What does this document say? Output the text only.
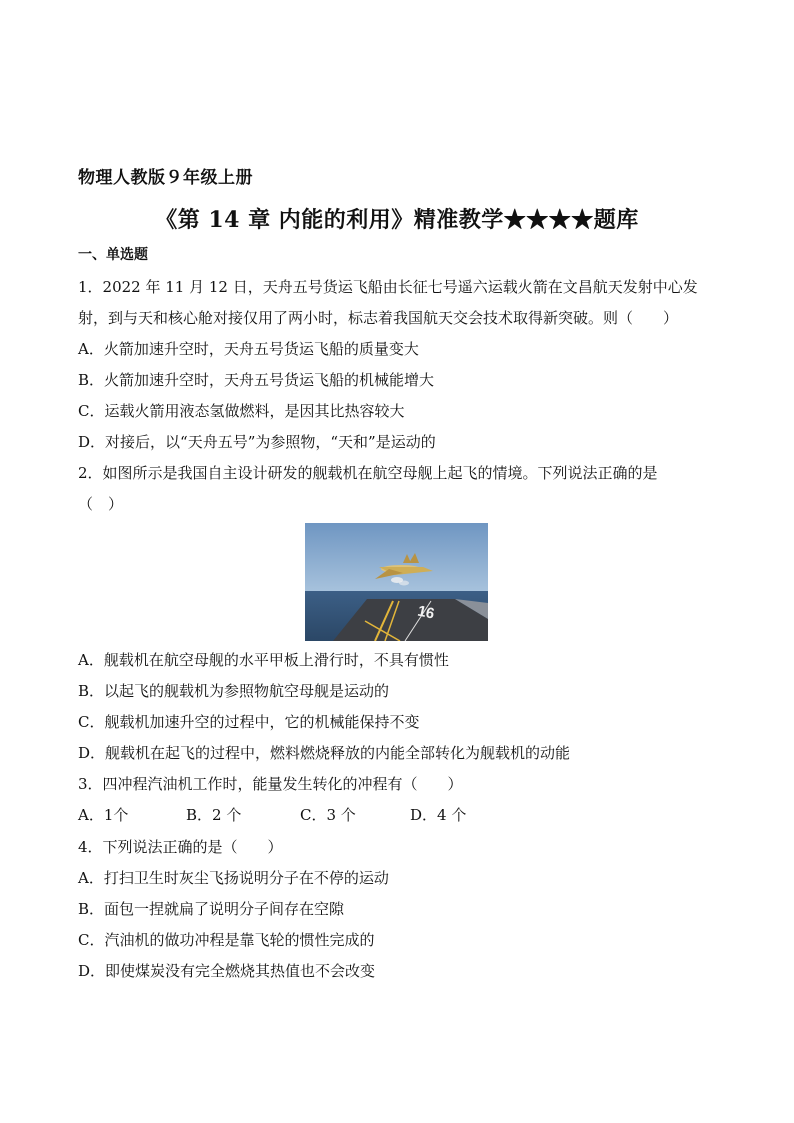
物理人教版９年级上册
《第 14 章 内能的利用》精准教学★★★★题库
一、单选题
1．2022 年 11 月 12 日，天舟五号货运飞船由长征七号遥六运载火箭在文昌航天发射中心发
射，到与天和核心舱对接仅用了两小时，标志着我国航天交会技术取得新突破。则（　　）
A．火箭加速升空时，天舟五号货运飞船的质量变大
B．火箭加速升空时，天舟五号货运飞船的机械能增大
C．运载火箭用液态氢做燃料，是因其比热容较大
D．对接后，以“天舟五号”为参照物，“天和”是运动的
2．如图所示是我国自主设计研发的舰载机在航空母舰上起飞的情境。下列说法正确的是
（　）
16
A．舰载机在航空母舰的水平甲板上滑行时，不具有惯性
B．以起飞的舰载机为参照物航空母舰是运动的
C．舰载机加速升空的过程中，它的机械能保持不变
D．舰载机在起飞的过程中，燃料燃烧释放的内能全部转化为舰载机的动能
3．四冲程汽油机工作时，能量发生转化的冲程有（　　）
A．1个	B．2 个	C．3 个	D．4 个
4．下列说法正确的是（　　）
A．打扫卫生时灰尘飞扬说明分子在不停的运动
B．面包一捏就扁了说明分子间存在空隙
C．汽油机的做功冲程是靠飞轮的惯性完成的
D．即使煤炭没有完全燃烧其热值也不会改变
